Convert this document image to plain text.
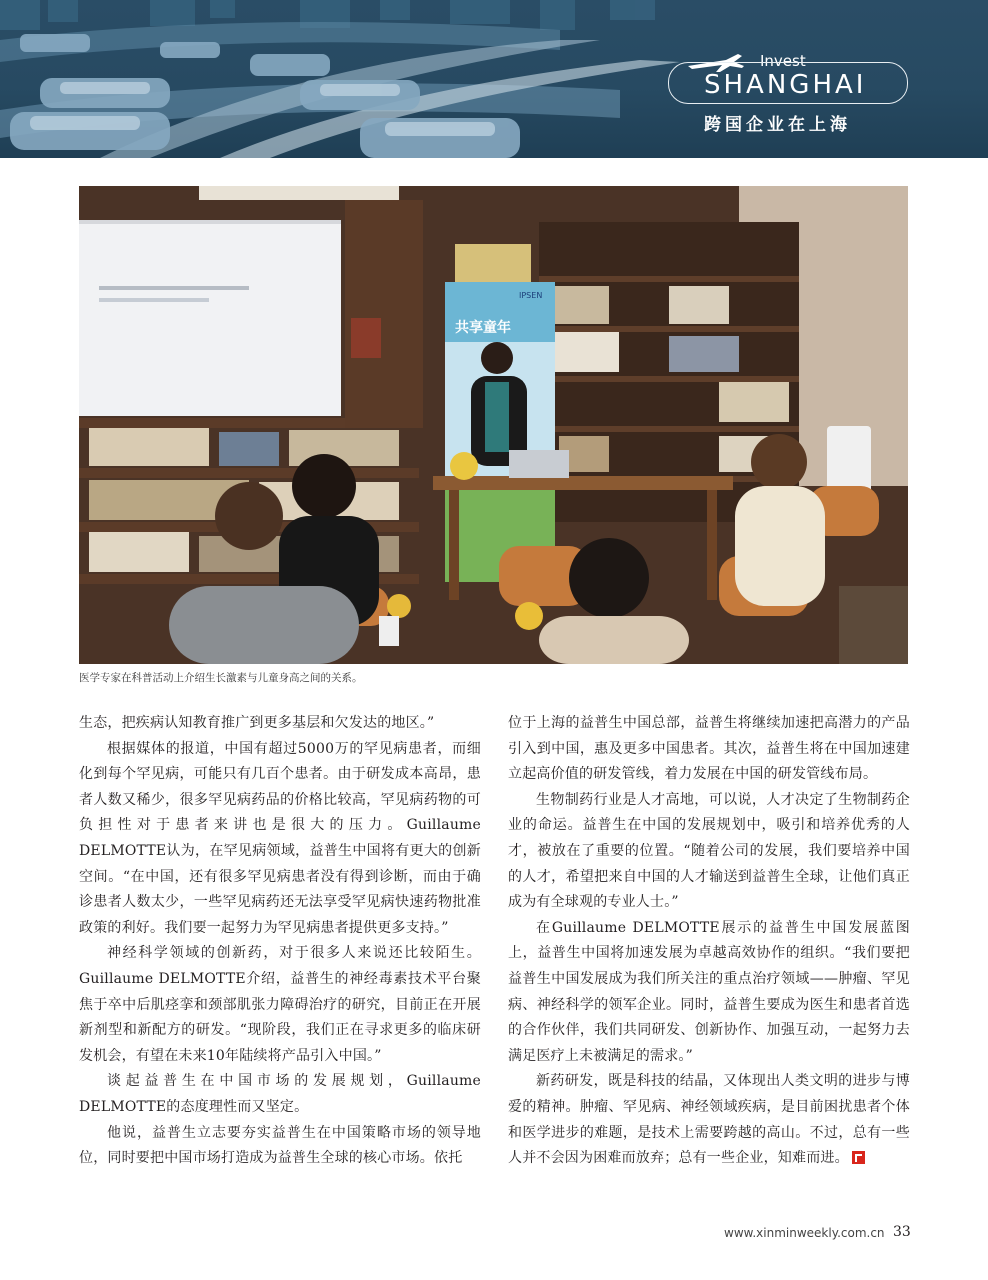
Invest
SHANGHAI
跨国企业在上海
共享童年
IPSEN
医学专家在科普活动上介绍生长激素与儿童身高之间的关系。

生态，把疾病认知教育推广到更多基层和欠发达的地区。”

根据媒体的报道，中国有超过5000万的罕见病患者，而细化到每个罕见病，可能只有几百个患者。由于研发成本高昂，患者人数又稀少，很多罕见病药品的价格比较高，罕见病药物的可负担性对于患者来讲也是很大的压力。Guillaume DELMOTTE认为，在罕见病领域，益普生中国将有更大的创新空间。“在中国，还有很多罕见病患者没有得到诊断，而由于确诊患者人数太少，一些罕见病药还无法享受罕见病快速药物批准政策的利好。我们要一起努力为罕见病患者提供更多支持。”

神经科学领域的创新药，对于很多人来说还比较陌生。Guillaume DELMOTTE介绍，益普生的神经毒素技术平台聚焦于卒中后肌痉挛和颈部肌张力障碍治疗的研究，目前正在开展新剂型和新配方的研发。“现阶段，我们正在寻求更多的临床研发机会，有望在未来10年陆续将产品引入中国。”

谈起益普生在中国市场的发展规划，Guillaume DELMOTTE的态度理性而又坚定。

他说，益普生立志要夯实益普生在中国策略市场的领导地位，同时要把中国市场打造成为益普生全球的核心市场。依托

位于上海的益普生中国总部，益普生将继续加速把高潜力的产品引入到中国，惠及更多中国患者。其次，益普生将在中国加速建立起高价值的研发管线，着力发展在中国的研发管线布局。

生物制药行业是人才高地，可以说，人才决定了生物制药企业的命运。益普生在中国的发展规划中，吸引和培养优秀的人才，被放在了重要的位置。“随着公司的发展，我们要培养中国的人才，希望把来自中国的人才输送到益普生全球，让他们真正成为有全球观的专业人士。”

在Guillaume DELMOTTE展示的益普生中国发展蓝图上，益普生中国将加速发展为卓越高效协作的组织。“我们要把益普生中国发展成为我们所关注的重点治疗领域——肿瘤、罕见病、神经科学的领军企业。同时，益普生要成为医生和患者首选的合作伙伴，我们共同研发、创新协作、加强互动，一起努力去满足医疗上未被满足的需求。”

新药研发，既是科技的结晶，又体现出人类文明的进步与博爱的精神。肿瘤、罕见病、神经领域疾病，是目前困扰患者个体和医学进步的难题，是技术上需要跨越的高山。不过，总有一些人并不会因为困难而放弃；总有一些企业，知难而进。

www.xinminweekly.com.cn 33
